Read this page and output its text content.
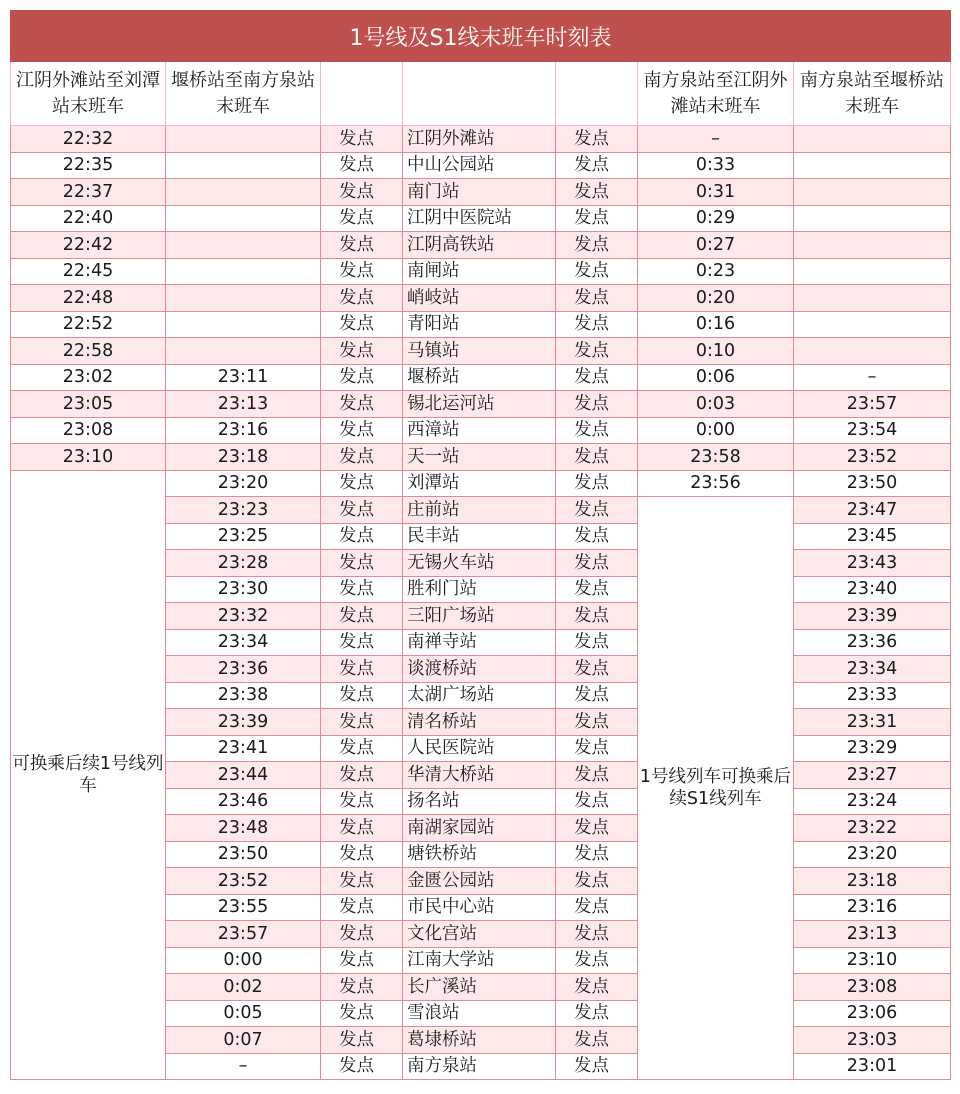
1号线及S1线末班车时刻表						
江阴外滩站至刘潭站末班车	堰桥站至南方泉站末班车				南方泉站至江阴外滩站末班车	南方泉站至堰桥站末班车
22:32		发点	江阴外滩站	发点	–	
22:35		发点	中山公园站	发点	0:33	
22:37		发点	南门站	发点	0:31	
22:40		发点	江阴中医院站	发点	0:29	
22:42		发点	江阴高铁站	发点	0:27	
22:45		发点	南闸站	发点	0:23	
22:48		发点	峭岐站	发点	0:20	
22:52		发点	青阳站	发点	0:16	
22:58		发点	马镇站	发点	0:10	
23:02	23:11	发点	堰桥站	发点	0:06	–
23:05	23:13	发点	锡北运河站	发点	0:03	23:57
23:08	23:16	发点	西漳站	发点	0:00	23:54
23:10	23:18	发点	天一站	发点	23:58	23:52
可换乘后续1号线列车	23:20	发点	刘潭站	发点	23:56	23:50
	23:23	发点	庄前站	发点	1号线列车可换乘后续S1线列车	23:47
	23:25	发点	民丰站	发点		23:45
	23:28	发点	无锡火车站	发点		23:43
	23:30	发点	胜利门站	发点		23:40
	23:32	发点	三阳广场站	发点		23:39
	23:34	发点	南禅寺站	发点		23:36
	23:36	发点	谈渡桥站	发点		23:34
	23:38	发点	太湖广场站	发点		23:33
	23:39	发点	清名桥站	发点		23:31
	23:41	发点	人民医院站	发点		23:29
	23:44	发点	华清大桥站	发点		23:27
	23:46	发点	扬名站	发点		23:24
	23:48	发点	南湖家园站	发点		23:22
	23:50	发点	塘铁桥站	发点		23:20
	23:52	发点	金匮公园站	发点		23:18
	23:55	发点	市民中心站	发点		23:16
	23:57	发点	文化宫站	发点		23:13
	0:00	发点	江南大学站	发点		23:10
	0:02	发点	长广溪站	发点		23:08
	0:05	发点	雪浪站	发点		23:06
	0:07	发点	葛埭桥站	发点		23:03
	–	发点	南方泉站	发点		23:01
